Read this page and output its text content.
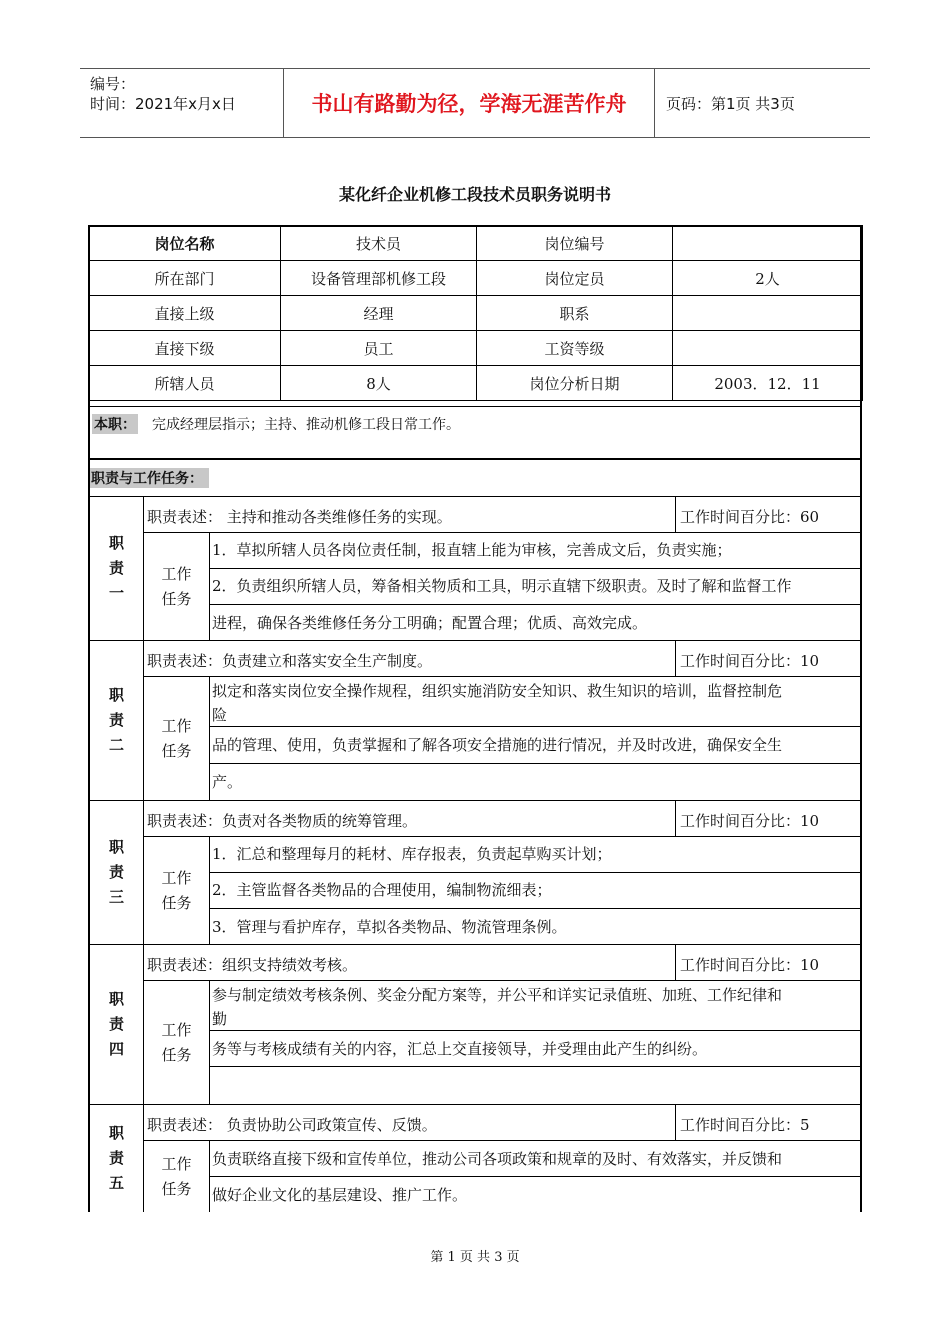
编号：
时间：2021年x月x日	书山有路勤为径，学海无涯苦作舟	页码：第1页 共3页
某化纤企业机修工段技术员职务说明书
岗位名称	技术员	岗位编号	
所在部门	设备管理部机修工段	岗位定员	2人
直接上级	经理	职系	
直接下级	员工	工资等级	
所辖人员	8人	岗位分析日期	2003．12．11
本职： 完成经理层指示；主持、推动机修工段日常工作。
职责与工作任务：
职责一
职责表述： 主持和推动各类维修任务的实现。	工作时间百分比：60
工作任务
1．草拟所辖人员各岗位责任制，报直辖上能为审核，完善成文后，负责实施；
2．负责组织所辖人员，筹备相关物质和工具，明示直辖下级职责。及时了解和监督工作
进程，确保各类维修任务分工明确；配置合理；优质、高效完成。
职责二
职责表述：负责建立和落实安全生产制度。	工作时间百分比：10
工作任务
拟定和落实岗位安全操作规程，组织实施消防安全知识、救生知识的培训，监督控制危
险
品的管理、使用，负责掌握和了解各项安全措施的进行情况，并及时改进，确保安全生
产。
职责三
职责表述：负责对各类物质的统筹管理。	工作时间百分比：10
工作任务
1．汇总和整理每月的耗材、库存报表，负责起草购买计划；
2．主管监督各类物品的合理使用，编制物流细表；
3．管理与看护库存，草拟各类物品、物流管理条例。
职责四
职责表述：组织支持绩效考核。	工作时间百分比：10
工作任务
参与制定绩效考核条例、奖金分配方案等，并公平和详实记录值班、加班、工作纪律和
勤
务等与考核成绩有关的内容，汇总上交直接领导，并受理由此产生的纠纷。
职责五
职责表述： 负责协助公司政策宣传、反馈。	工作时间百分比：5
工作任务
负责联络直接下级和宣传单位，推动公司各项政策和规章的及时、有效落实，并反馈和
做好企业文化的基层建设、推广工作。
第 1 页 共 3 页
